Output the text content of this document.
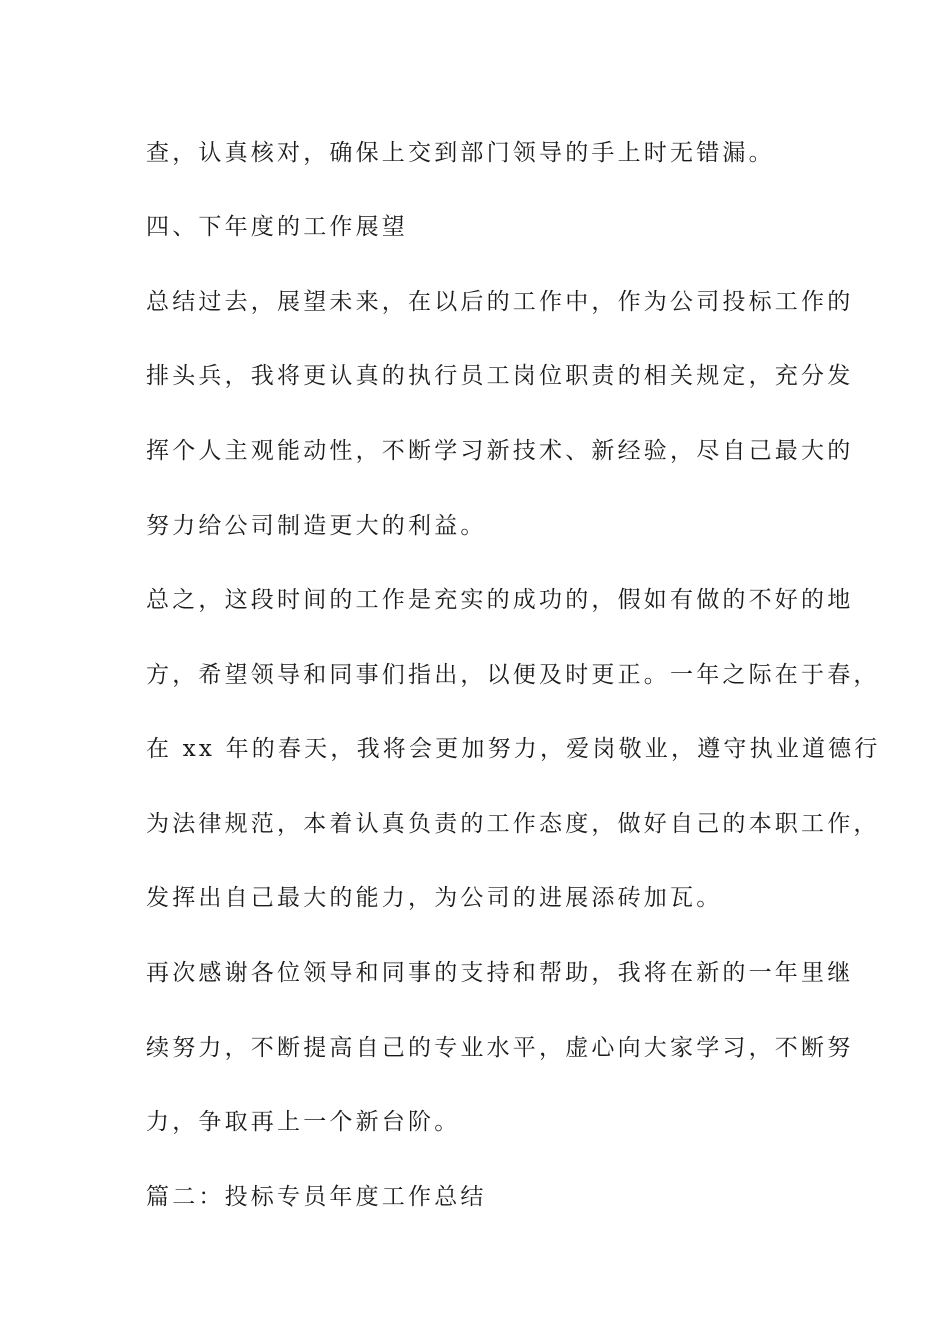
查，认真核对，确保上交到部门领导的手上时无错漏。

四、下年度的工作展望

总结过去，展望未来，在以后的工作中，作为公司投标工作的

排头兵，我将更认真的执行员工岗位职责的相关规定，充分发

挥个人主观能动性，不断学习新技术、新经验，尽自己最大的

努力给公司制造更大的利益。

总之，这段时间的工作是充实的成功的，假如有做的不好的地

方，希望领导和同事们指出，以便及时更正。一年之际在于春，

在 xx 年的春天，我将会更加努力，爱岗敬业，遵守执业道德行

为法律规范，本着认真负责的工作态度，做好自己的本职工作，

发挥出自己最大的能力，为公司的进展添砖加瓦。

再次感谢各位领导和同事的支持和帮助，我将在新的一年里继

续努力，不断提高自己的专业水平，虚心向大家学习，不断努

力，争取再上一个新台阶。

篇二：投标专员年度工作总结
